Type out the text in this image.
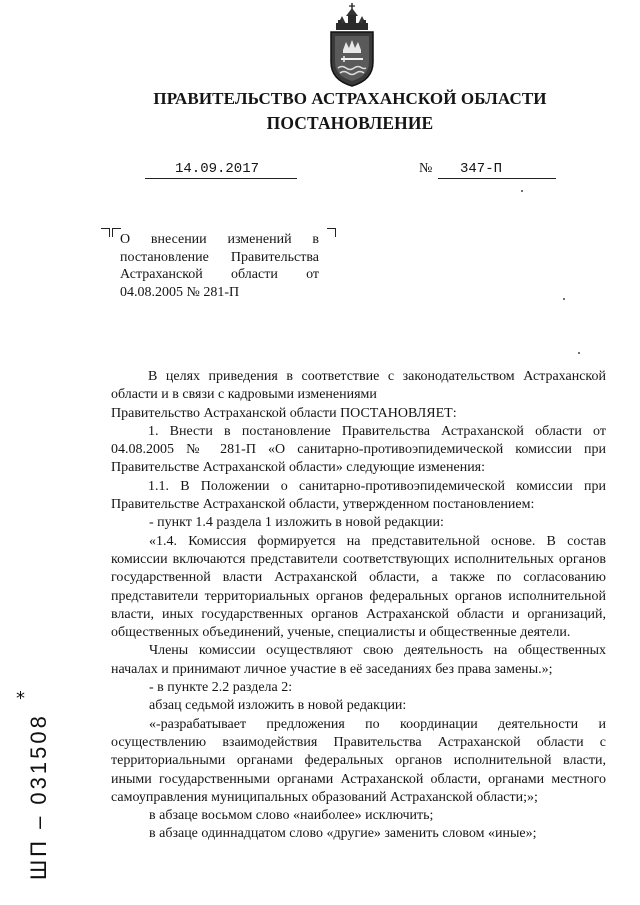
ПРАВИТЕЛЬСТВО АСТРАХАНСКОЙ ОБЛАСТИ
ПОСТАНОВЛЕНИЕ
14.09.2017	№	347-П
О внесении изменений в постановление Правительства Астраханской области от 04.08.2005 № 281-П

В целях приведения в соответствие с законодательством Астраханской области и в связи с кадровыми изменениями

Правительство Астраханской области ПОСТАНОВЛЯЕТ:

1. Внести в постановление Правительства Астраханской области от 04.08.2005 № 281-П «О санитарно-противоэпидемической комиссии при Правительстве Астраханской области» следующие изменения:

1.1. В Положении о санитарно-противоэпидемической комиссии при Правительстве Астраханской области, утвержденном постановлением:

- пункт 1.4 раздела 1 изложить в новой редакции:

«1.4. Комиссия формируется на представительной основе. В состав комиссии включаются представители соответствующих исполнительных органов государственной власти Астраханской области, а также по согласованию представители территориальных органов федеральных органов исполнительной власти, иных государственных органов Астраханской области и организаций, общественных объединений, ученые, специалисты и общественные деятели.

Члены комиссии осуществляют свою деятельность на общественных началах и принимают личное участие в её заседаниях без права замены.»;

- в пункте 2.2 раздела 2:

абзац седьмой изложить в новой редакции:

«-разрабатывает предложения по координации деятельности и осуществлению взаимодействия Правительства Астраханской области с территориальными органами федеральных органов исполнительной власти, иными государственными органами Астраханской области, органами местного самоуправления муниципальных образований Астраханской области;»;

в абзаце восьмом слово «наиболее» исключить;

в абзаце одиннадцатом слово «другие» заменить словом «иные»;

*
ШП – 031508
